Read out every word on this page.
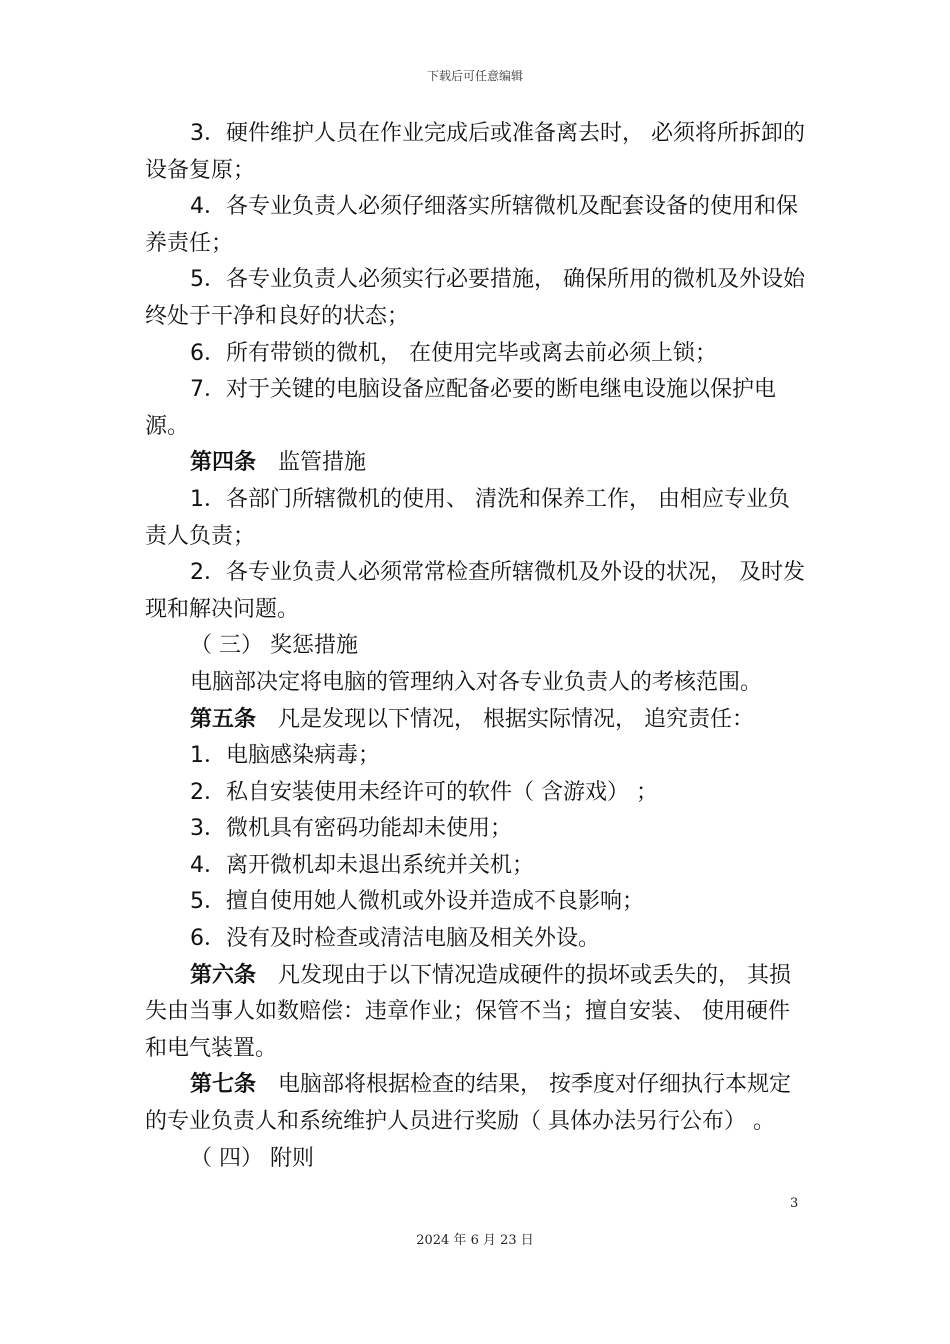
下载后可任意编辑

3．硬件维护人员在作业完成后或准备离去时， 必须将所拆卸的设备复原；

4．各专业负责人必须仔细落实所辖微机及配套设备的使用和保养责任；

5．各专业负责人必须实行必要措施， 确保所用的微机及外设始终处于干净和良好的状态；

6．所有带锁的微机， 在使用完毕或离去前必须上锁；

7．对于关键的电脑设备应配备必要的断电继电设施以保护电源。

第四条　监管措施

1．各部门所辖微机的使用、 清洗和保养工作， 由相应专业负责人负责；

2．各专业负责人必须常常检查所辖微机及外设的状况， 及时发现和解决问题。

（ 三） 奖惩措施

电脑部决定将电脑的管理纳入对各专业负责人的考核范围。

第五条　凡是发现以下情况， 根据实际情况， 追究责任：

1．电脑感染病毒；

2．私自安装使用未经许可的软件（ 含游戏） ；

3．微机具有密码功能却未使用；

4．离开微机却未退出系统并关机；

5．擅自使用她人微机或外设并造成不良影响；

6．没有及时检查或清洁电脑及相关外设。

第六条　凡发现由于以下情况造成硬件的损坏或丢失的， 其损失由当事人如数赔偿：违章作业；保管不当；擅自安装、 使用硬件和电气装置。

第七条　电脑部将根据检查的结果， 按季度对仔细执行本规定的专业负责人和系统维护人员进行奖励（ 具体办法另行公布） 。

（ 四） 附则

3
2024 年 6 月 23 日
